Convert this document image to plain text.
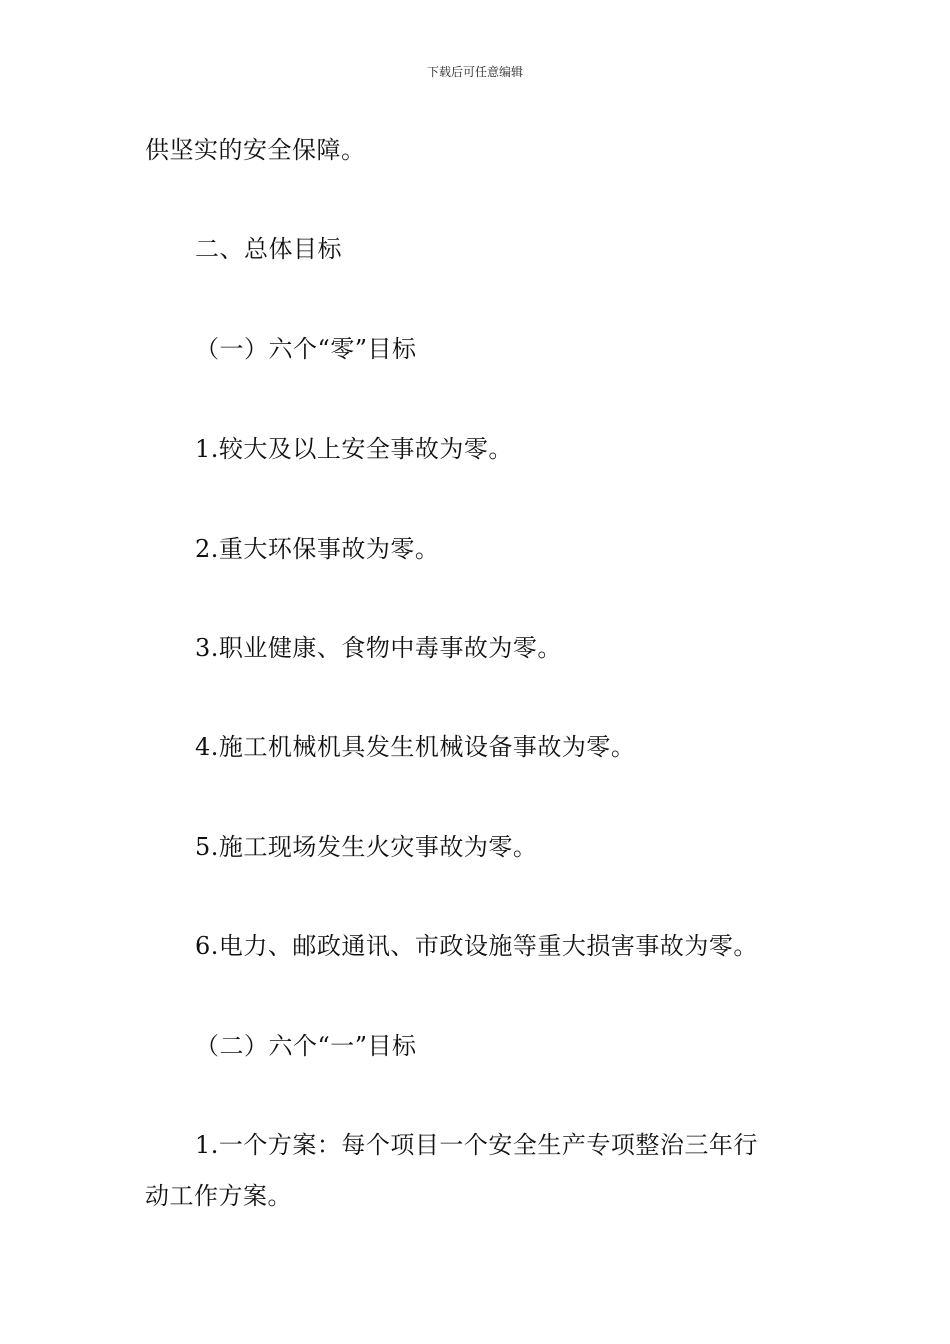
下载后可任意编辑
供坚实的安全保障。
二、总体目标
（一）六个“零”目标
1.较大及以上安全事故为零。
2.重大环保事故为零。
3.职业健康、食物中毒事故为零。
4.施工机械机具发生机械设备事故为零。
5.施工现场发生火灾事故为零。
6.电力、邮政通讯、市政设施等重大损害事故为零。
（二）六个“一”目标
1.一个方案：每个项目一个安全生产专项整治三年行
动工作方案。
